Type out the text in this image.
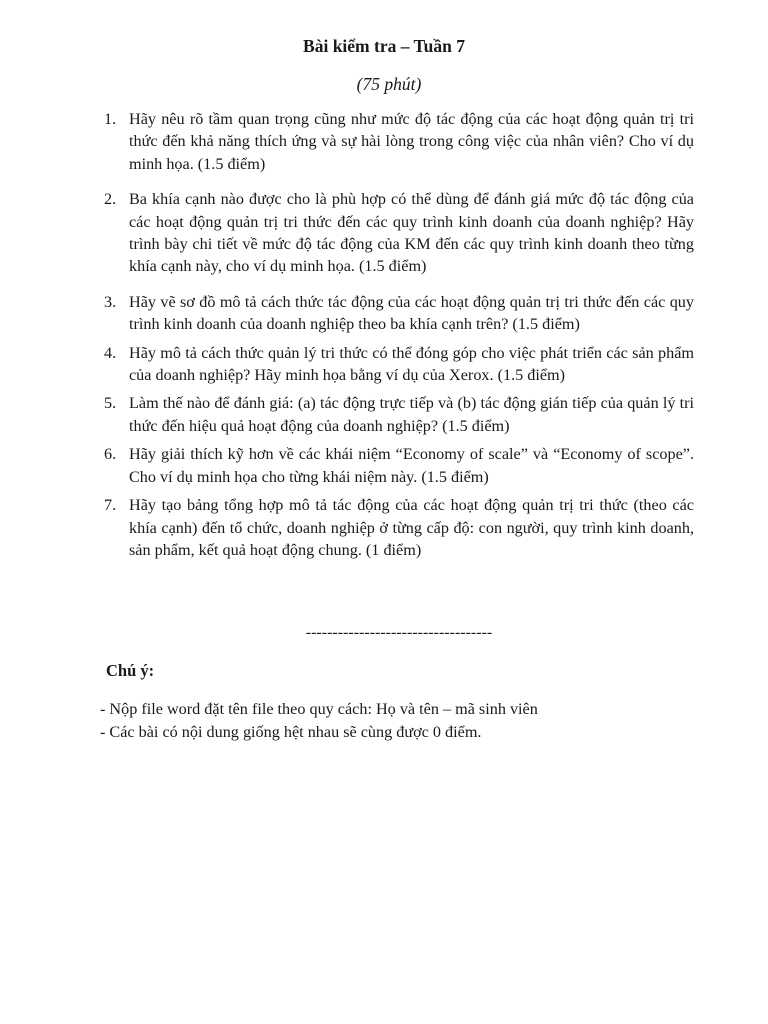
Bài kiểm tra – Tuần 7
(75 phút)
1. Hãy nêu rõ tầm quan trọng cũng như mức độ tác động của các hoạt động quản trị tri thức đến khả năng thích ứng và sự hài lòng trong công việc của nhân viên? Cho ví dụ minh họa. (1.5 điểm)
2. Ba khía cạnh nào được cho là phù hợp có thể dùng để đánh giá mức độ tác động của các hoạt động quản trị tri thức đến các quy trình kinh doanh của doanh nghiệp? Hãy trình bày chi tiết về mức độ tác động của KM đến các quy trình kinh doanh theo từng khía cạnh này, cho ví dụ minh họa. (1.5 điểm)
3. Hãy vẽ sơ đồ mô tả cách thức tác động của các hoạt động quản trị tri thức đến các quy trình kinh doanh của doanh nghiệp theo ba khía cạnh trên? (1.5 điểm)
4. Hãy mô tả cách thức quản lý tri thức có thể đóng góp cho việc phát triển các sản phẩm của doanh nghiệp? Hãy minh họa bằng ví dụ của Xerox. (1.5 điểm)
5. Làm thế nào để đánh giá: (a) tác động trực tiếp và (b) tác động gián tiếp của quản lý tri thức đến hiệu quả hoạt động của doanh nghiệp? (1.5 điểm)
6. Hãy giải thích kỹ hơn về các khái niệm “Economy of scale” và “Economy of scope”. Cho ví dụ minh họa cho từng khái niệm này. (1.5 điểm)
7. Hãy tạo bảng tổng hợp mô tả tác động của các hoạt động quản trị tri thức (theo các khía cạnh) đến tổ chức, doanh nghiệp ở từng cấp độ: con người, quy trình kinh doanh, sản phẩm, kết quả hoạt động chung. (1 điểm)
-----------------------------------
Chú ý:
- Nộp file word đặt tên file theo quy cách: Họ và tên – mã sinh viên
- Các bài có nội dung giống hệt nhau sẽ cùng được 0 điểm.
